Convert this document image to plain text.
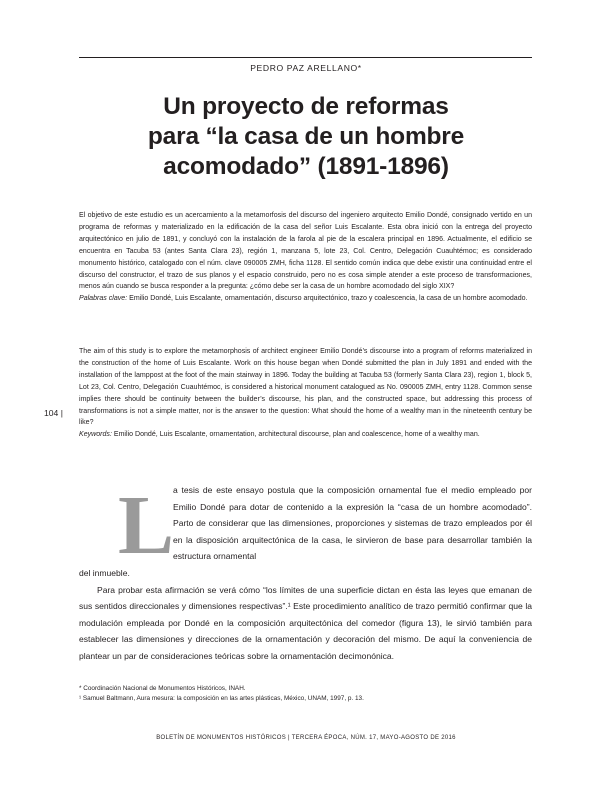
PEDRO PAZ ARELLANO*
Un proyecto de reformas
para “la casa de un hombre
acomodado” (1891-1896)

El objetivo de este estudio es un acercamiento a la metamorfosis del discurso del ingeniero arquitecto Emilio Dondé, consignado vertido en un programa de reformas y materializado en la edificación de la casa del señor Luis Escalante. Esta obra inició con la entrega del proyecto arquitectónico en julio de 1891, y concluyó con la instalación de la farola al pie de la escalera principal en 1896. Actualmente, el edificio se encuentra en Tacuba 53 (antes Santa Clara 23), región 1, manzana 5, lote 23, Col. Centro, Delegación Cuauhtémoc; es considerado monumento histórico, catalogado con el núm. clave 090005 ZMH, ficha 1128. El sentido común indica que debe existir una continuidad entre el discurso del constructor, el trazo de sus planos y el espacio construido, pero no es cosa simple atender a este proceso de transformaciones, menos aún cuando se busca responder a la pregunta: ¿cómo debe ser la casa de un hombre acomodado del siglo XIX?

Palabras clave: Emilio Dondé, Luis Escalante, ornamentación, discurso arquitectónico, trazo y coalescencia, la casa de un hombre acomodado.

The aim of this study is to explore the metamorphosis of architect engineer Emilio Dondé’s discourse into a program of reforms materialized in the construction of the home of Luis Escalante. Work on this house began when Dondé submitted the plan in July 1891 and ended with the installation of the lamppost at the foot of the main stairway in 1896. Today the building at Tacuba 53 (formerly Santa Clara 23), region 1, block 5, Lot 23, Col. Centro, Delegación Cuauhtémoc, is considered a historical monument catalogued as No. 090005 ZMH, entry 1128. Common sense implies there should be continuity between the builder’s discourse, his plan, and the constructed space, but addressing this process of transformations is not a simple matter, nor is the answer to the question: What should the home of a wealthy man in the nineteenth century be like?

Keywords: Emilio Dondé, Luis Escalante, ornamentation, architectural discourse, plan and coalescence, home of a wealthy man.

104 |
L

a tesis de este ensayo postula que la composición ornamental fue el medio empleado por Emilio Dondé para dotar de contenido a la expresión la “casa de un hombre acomodado”. Parto de considerar que las dimensiones, proporciones y sistemas de trazo empleados por él en la disposición arquitectónica de la casa, le sirvieron de base para desarrollar también la estructura ornamental

del inmueble.

Para probar esta afirmación se verá cómo “los límites de una superficie dictan en ésta las leyes que emanan de sus sentidos direccionales y dimensiones respectivas”.¹ Este procedimiento analítico de trazo permitió confirmar que la modulación empleada por Dondé en la composición arquitectónica del comedor (figura 13), le sirvió también para establecer las dimensiones y direcciones de la ornamentación y decoración del mismo. De aquí la conveniencia de plantear un par de consideraciones teóricas sobre la ornamentación decimonónica.

* Coordinación Nacional de Monumentos Históricos, INAH.

¹ Samuel Baltmann, Aura mesura: la composición en las artes plásticas, México, UNAM, 1997, p. 13.

BOLETÍN DE MONUMENTOS HISTÓRICOS | TERCERA ÉPOCA, NÚM. 17, MAYO-AGOSTO DE 2016
